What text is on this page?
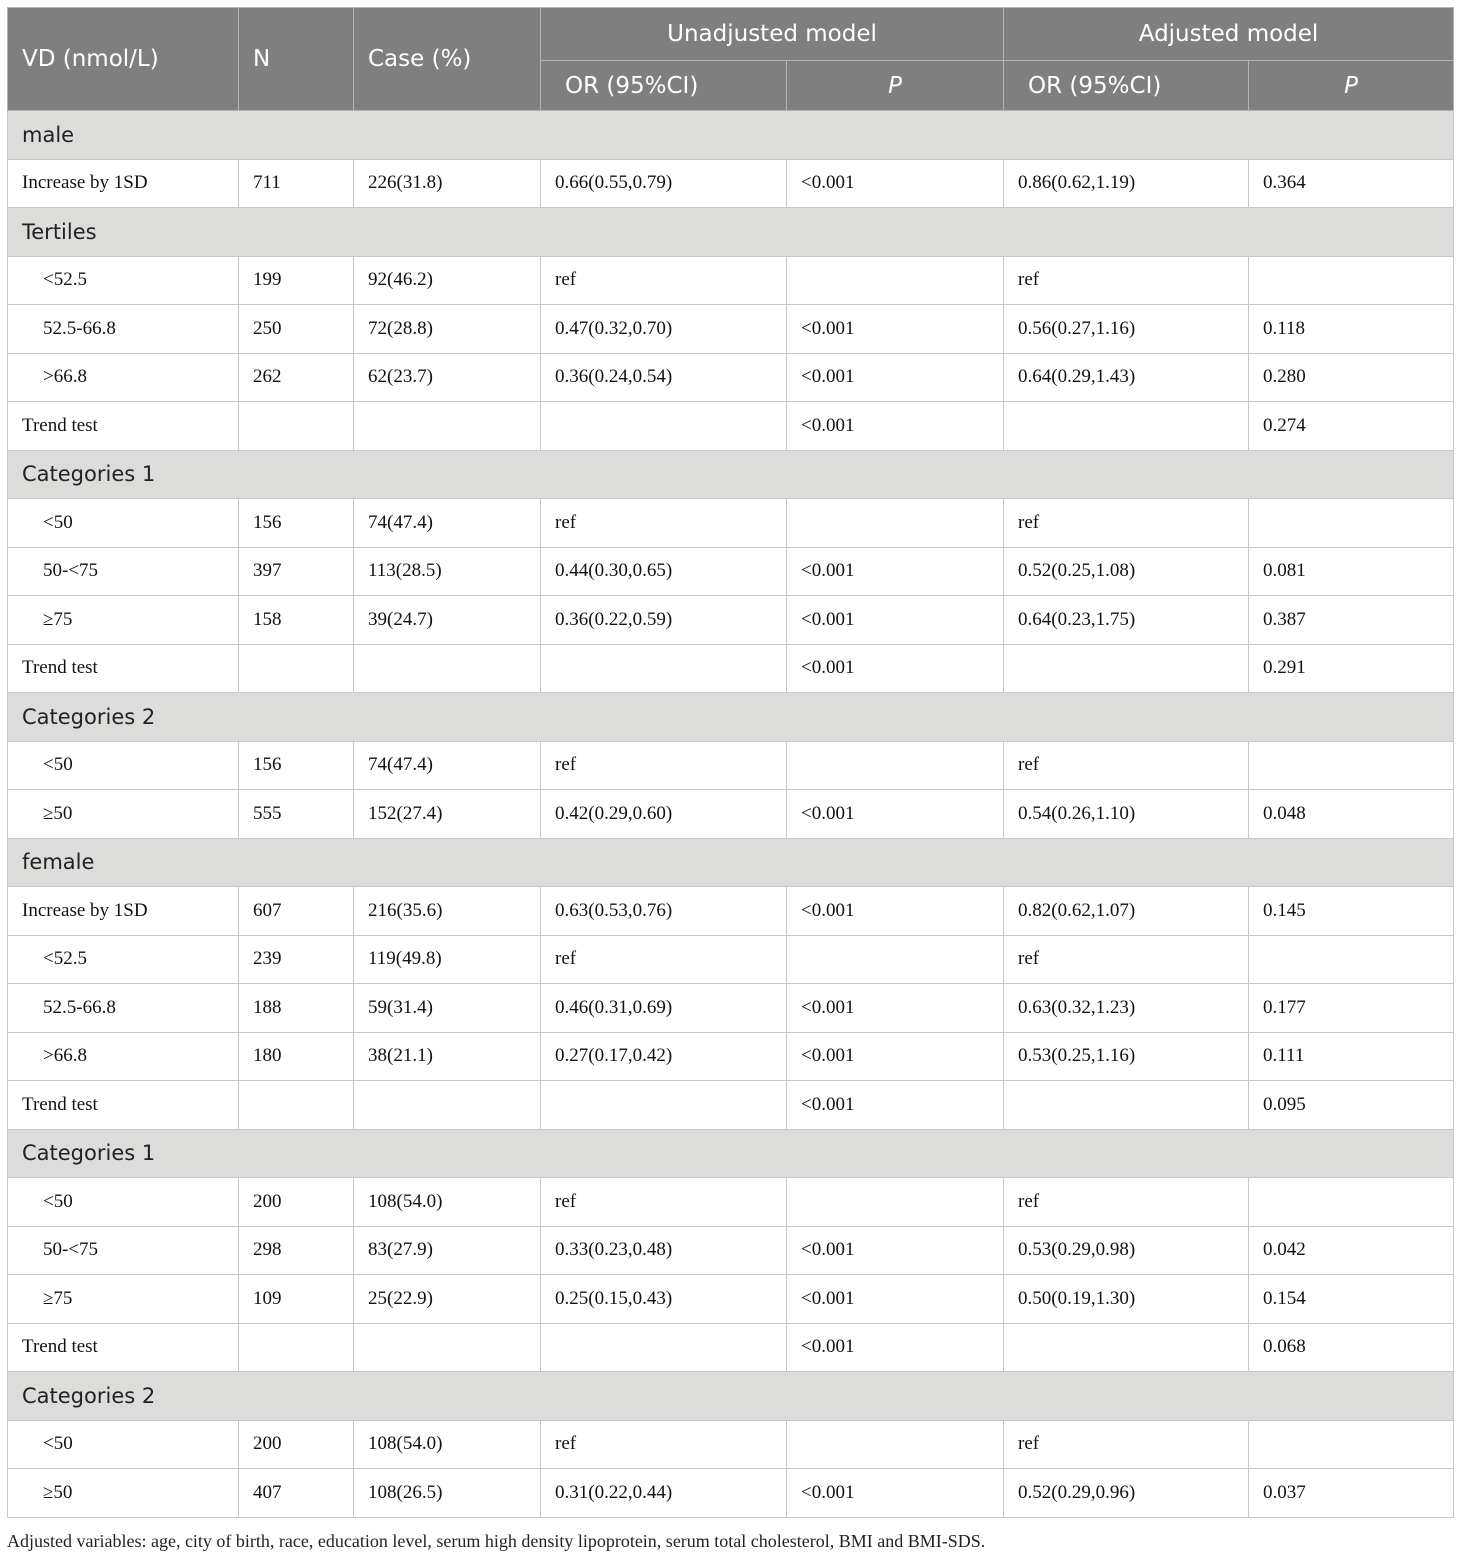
VD (nmol/L)	N	Case (%)	Unadjusted model		Adjusted model	
			OR (95%CI)	P	OR (95%CI)	P
male						
Increase by 1SD	711	226(31.8)	0.66(0.55,0.79)	<0.001	0.86(0.62,1.19)	0.364
Tertiles						
<52.5	199	92(46.2)	ref		ref	
52.5-66.8	250	72(28.8)	0.47(0.32,0.70)	<0.001	0.56(0.27,1.16)	0.118
>66.8	262	62(23.7)	0.36(0.24,0.54)	<0.001	0.64(0.29,1.43)	0.280
Trend test				<0.001		0.274
Categories 1						
<50	156	74(47.4)	ref		ref	
50-<75	397	113(28.5)	0.44(0.30,0.65)	<0.001	0.52(0.25,1.08)	0.081
≥75	158	39(24.7)	0.36(0.22,0.59)	<0.001	0.64(0.23,1.75)	0.387
Trend test				<0.001		0.291
Categories 2						
<50	156	74(47.4)	ref		ref	
≥50	555	152(27.4)	0.42(0.29,0.60)	<0.001	0.54(0.26,1.10)	0.048
female						
Increase by 1SD	607	216(35.6)	0.63(0.53,0.76)	<0.001	0.82(0.62,1.07)	0.145
<52.5	239	119(49.8)	ref		ref	
52.5-66.8	188	59(31.4)	0.46(0.31,0.69)	<0.001	0.63(0.32,1.23)	0.177
>66.8	180	38(21.1)	0.27(0.17,0.42)	<0.001	0.53(0.25,1.16)	0.111
Trend test				<0.001		0.095
Categories 1						
<50	200	108(54.0)	ref		ref	
50-<75	298	83(27.9)	0.33(0.23,0.48)	<0.001	0.53(0.29,0.98)	0.042
≥75	109	25(22.9)	0.25(0.15,0.43)	<0.001	0.50(0.19,1.30)	0.154
Trend test				<0.001		0.068
Categories 2						
<50	200	108(54.0)	ref		ref	
≥50	407	108(26.5)	0.31(0.22,0.44)	<0.001	0.52(0.29,0.96)	0.037

Adjusted variables: age, city of birth, race, education level, serum high density lipoprotein, serum total cholesterol, BMI and BMI-SDS.
